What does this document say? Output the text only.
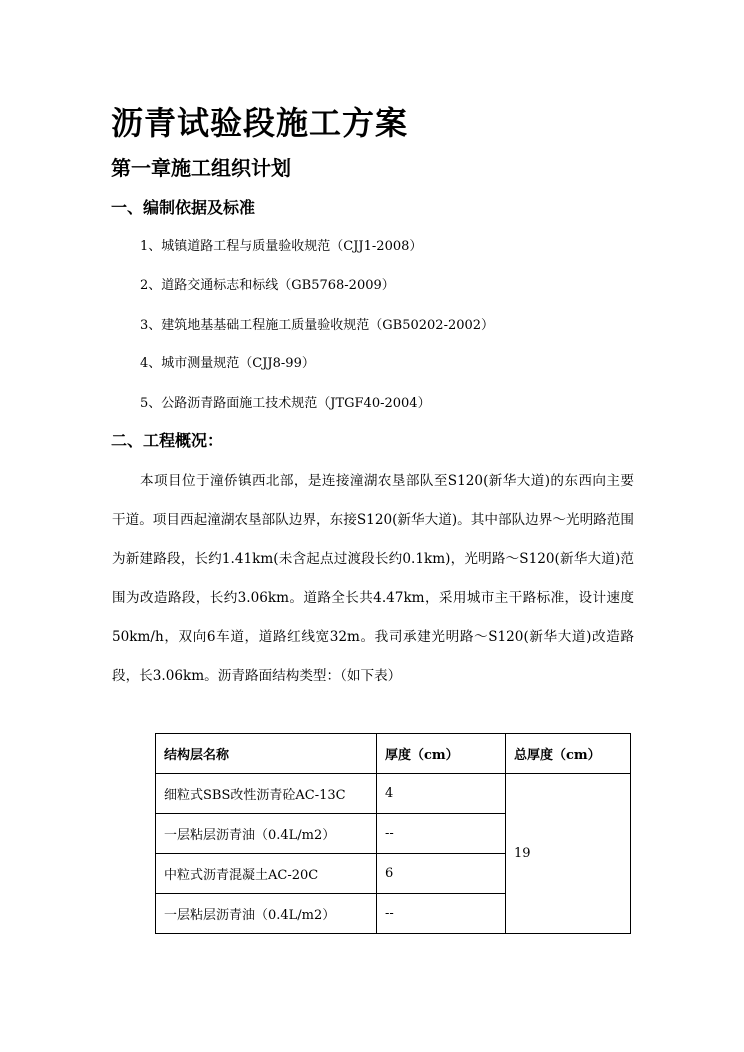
沥青试验段施工方案
第一章施工组织计划
一、编制依据及标准
1、城镇道路工程与质量验收规范（CJJ1-2008）
2、道路交通标志和标线（GB5768-2009）
3、建筑地基基础工程施工质量验收规范（GB50202-2002）
4、城市测量规范（CJJ8-99）
5、公路沥青路面施工技术规范（JTGF40-2004）
二、工程概况：

本项目位于潼侨镇西北部，是连接潼湖农垦部队至S120(新华大道)的东西向主要干道。项目西起潼湖农垦部队边界，东接S120(新华大道)。其中部队边界～光明路范围为新建路段，长约1.41km(未含起点过渡段长约0.1km)，光明路～S120(新华大道)范围为改造路段，长约3.06km。道路全长共4.47km，采用城市主干路标准，设计速度50km/h，双向6车道，道路红线宽32m。我司承建光明路～S120(新华大道)改造路段，长3.06km。沥青路面结构类型：（如下表）

结构层名称	厚度（cm）	总厚度（cm）
细粒式SBS改性沥青砼AC-13C	4	19
一层粘层沥青油（0.4L/m2）	--	
中粒式沥青混凝土AC-20C	6	
一层粘层沥青油（0.4L/m2）	--	
